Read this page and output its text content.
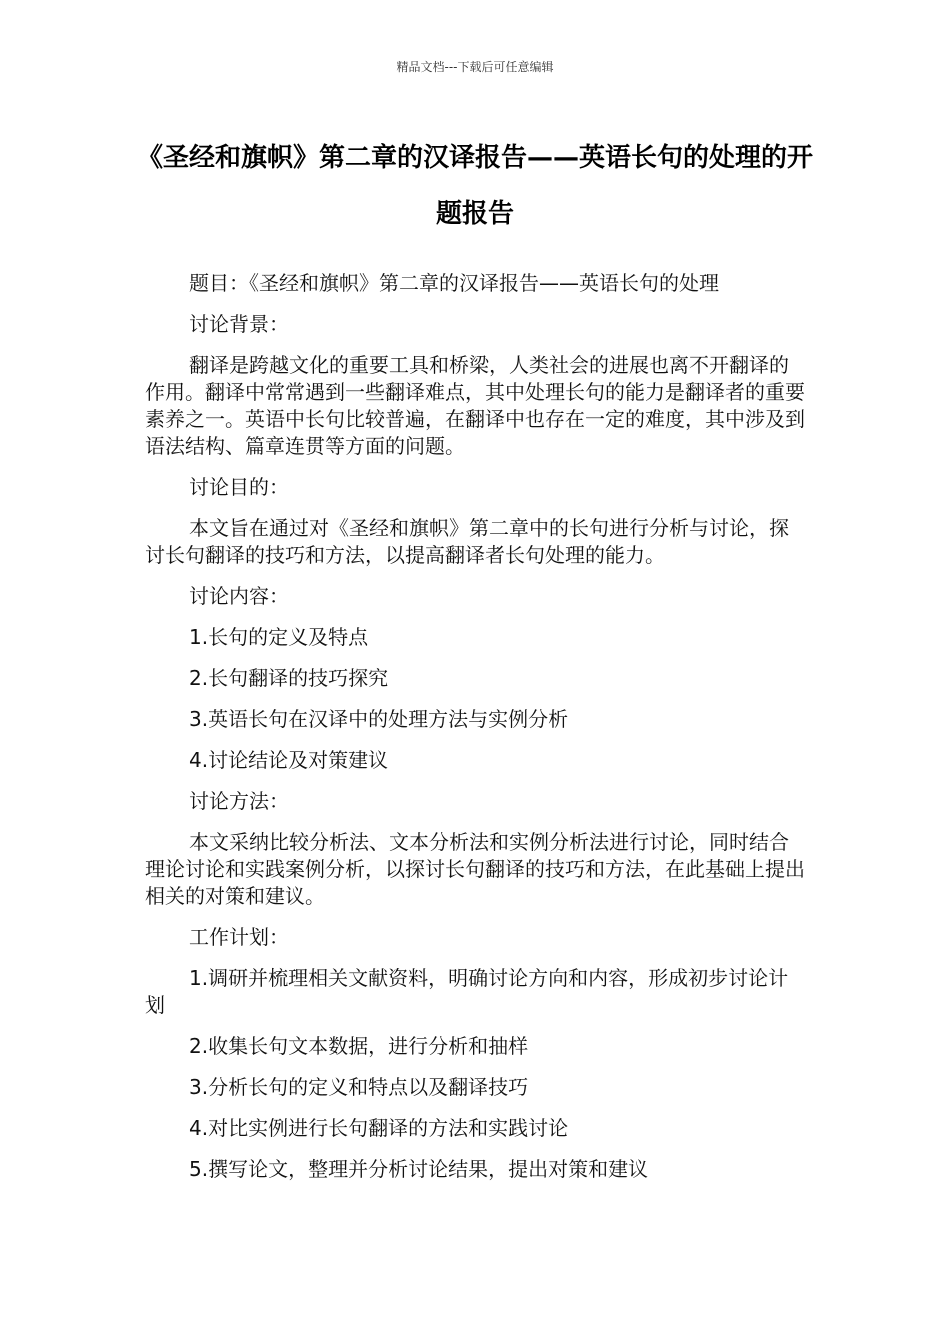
精品文档---下载后可任意编辑
《圣经和旗帜》第二章的汉译报告——英语长句的处理的开题报告

题目：《圣经和旗帜》第二章的汉译报告——英语长句的处理

讨论背景：

翻译是跨越文化的重要工具和桥梁，人类社会的进展也离不开翻译的作用。翻译中常常遇到一些翻译难点，其中处理长句的能力是翻译者的重要素养之一。英语中长句比较普遍，在翻译中也存在一定的难度，其中涉及到语法结构、篇章连贯等方面的问题。

讨论目的：

本文旨在通过对《圣经和旗帜》第二章中的长句进行分析与讨论，探讨长句翻译的技巧和方法，以提高翻译者长句处理的能力。

讨论内容：

1.长句的定义及特点

2.长句翻译的技巧探究

3.英语长句在汉译中的处理方法与实例分析

4.讨论结论及对策建议

讨论方法：

本文采纳比较分析法、文本分析法和实例分析法进行讨论，同时结合理论讨论和实践案例分析，以探讨长句翻译的技巧和方法，在此基础上提出相关的对策和建议。

工作计划：

1.调研并梳理相关文献资料，明确讨论方向和内容，形成初步讨论计划

2.收集长句文本数据，进行分析和抽样

3.分析长句的定义和特点以及翻译技巧

4.对比实例进行长句翻译的方法和实践讨论

5.撰写论文，整理并分析讨论结果，提出对策和建议
